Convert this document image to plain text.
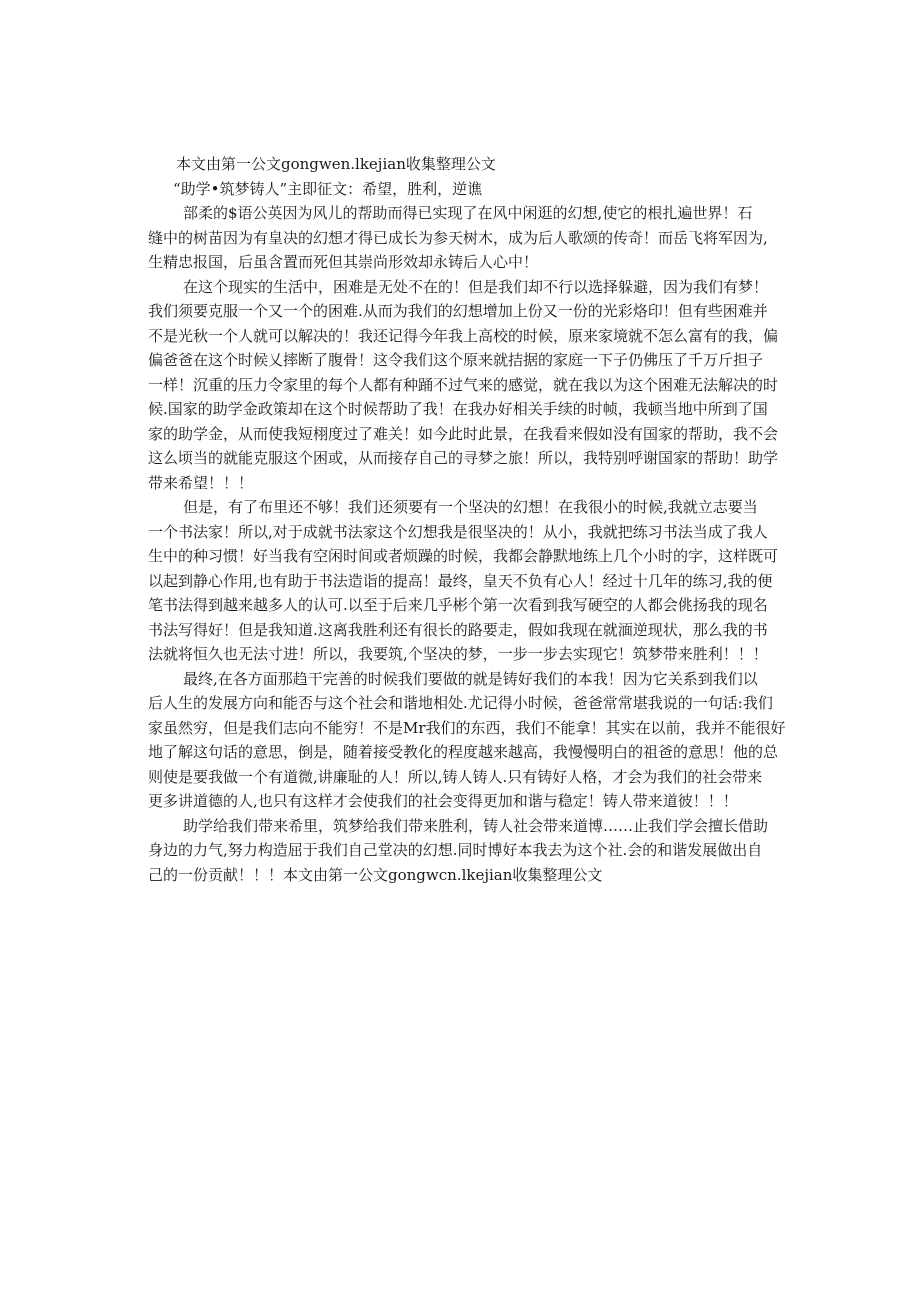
本文由第一公文gongwen.lkejian收集整理公文

“助学•筑梦铸人”主即征文：希望，胜利，逆谯

部柔的$语公英因为风儿的帮助而得已实现了在风中闲逛的幻想,使它的根扎遍世界！石

缝中的树苗因为有皇决的幻想才得已成长为参天树木，成为后人歌颂的传奇！而岳飞将军因为,

生精忠报国，后虽含置而死但其崇尚形效却永铸后人心中！

在这个现实的生活中，困难是无处不在的！但是我们却不行以选择躲避，因为我们有梦！

我们须要克服一个又一个的困难.从而为我们的幻想增加上份又一份的光彩烙印！但有些困难并

不是光秋一个人就可以解决的！我还记得今年我上高校的时候，原来家境就不怎么富有的我，偏

偏爸爸在这个时候乂摔断了腹骨！这令我们这个原来就拮据的家庭一下子仍佛压了千万斤担子

一样！沉重的压力令家里的每个人都有种踊不过气来的感觉，就在我以为这个困难无法解决的时

候.国家的助学金政策却在这个时候帮助了我！在我办好相关手续的时帧，我顿当地中所到了国

家的助学金，从而使我短栩度过了难关！如今此时此景，在我看来假如没有国家的帮助，我不会

这么顷当的就能克服这个困或，从而接存自己的寻梦之旅！所以，我特别呼谢国家的帮助！助学

带来希望！！！

但是，有了布里还不够！我们还须要有一个坚决的幻想！在我很小的时候,我就立志要当

一个书法家！所以,对于成就书法家这个幻想我是很坚决的！从小，我就把练习书法当成了我人

生中的种习惯！好当我有空闲时间或者烦躁的时候，我都会静默地练上几个小时的字，这样既可

以起到静心作用,也有助于书法造诣的提高！最终，皇天不负有心人！经过十几年的练习,我的便

笔书法得到越来越多人的认可.以至于后来几乎彬个第一次看到我写硬空的人都会佻扬我的现名

书法写得好！但是我知道.这离我胜利还有很长的路要走，假如我现在就湎逆现状，那么我的书

法就将恒久也无法寸进！所以，我要筑,个坚决的梦，一步一步去实现它！筑梦带来胜利！！！

最终,在各方面那趋干完善的时候我们要做的就是铸好我们的本我！因为它关系到我们以

后人生的发展方向和能否与这个社会和谐地相处.尤记得小时候，爸爸常常堪我说的一句话:我们

家虽然穷，但是我们志向不能穷！不是Mr我们的东西，我们不能拿！其实在以前，我并不能很好

地了解这句话的意思，倒是，随着接受教化的程度越来越高，我慢慢明白的祖爸的意思！他的总

则使是要我做一个有道微,讲廉耻的人！所以,铸人铸人.只有铸好人格，才会为我们的社会带来

更多讲道德的人,也只有这样才会使我们的社会变得更加和谐与稳定！铸人带来道彼！！！

助学给我们带来希里，筑梦给我们带来胜利，铸人社会带来道博……止我们学会擅长借助

身边的力气,努力构造屈于我们自己堂决的幻想.同时博好本我去为这个社.会的和谐发展做出自

己的一份贡献！！！本文由第一公文gongwcn.lkejian收集整理公文
